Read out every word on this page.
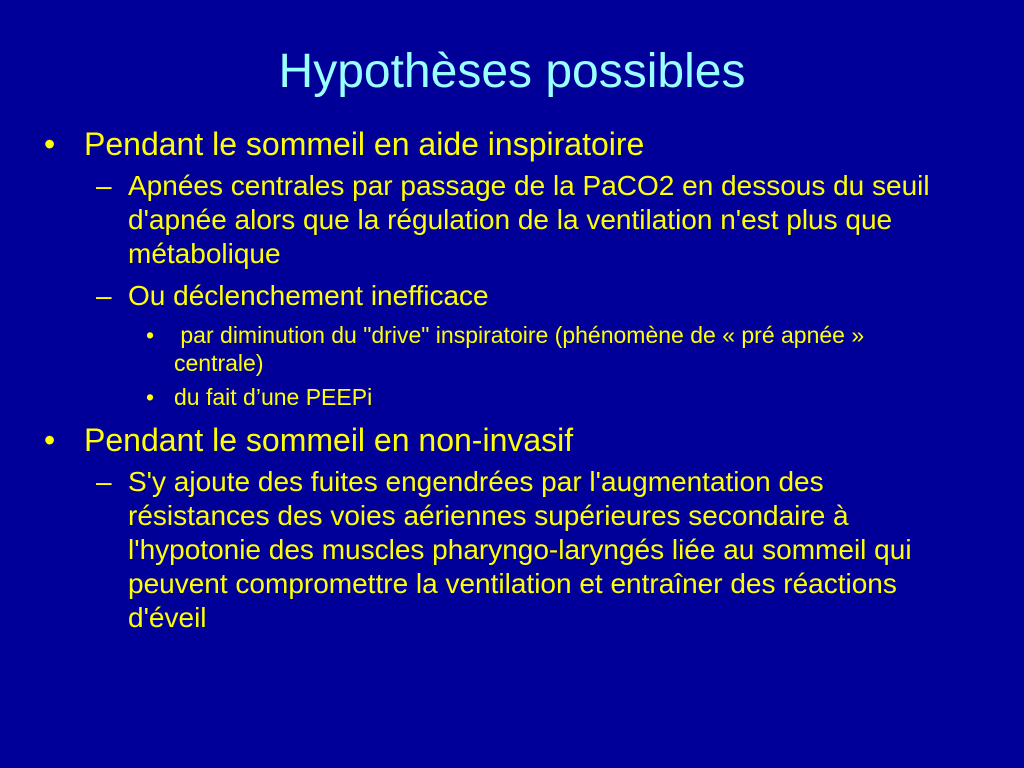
Hypothèses possibles
• Pendant le sommeil en aide inspiratoire
– Apnées centrales par passage de la PaCO2 en dessous du seuil d'apnée alors que la régulation de la ventilation n'est plus que métabolique
– Ou déclenchement inefficace
• par diminution du "drive" inspiratoire (phénomène de « pré apnée » centrale)
• du fait d’une PEEPi
• Pendant le sommeil en non-invasif
– S'y ajoute des fuites engendrées par l'augmentation des résistances des voies aériennes supérieures secondaire à l'hypotonie des muscles pharyngo-laryngés liée au sommeil qui peuvent compromettre la ventilation et entraîner des réactions d'éveil
